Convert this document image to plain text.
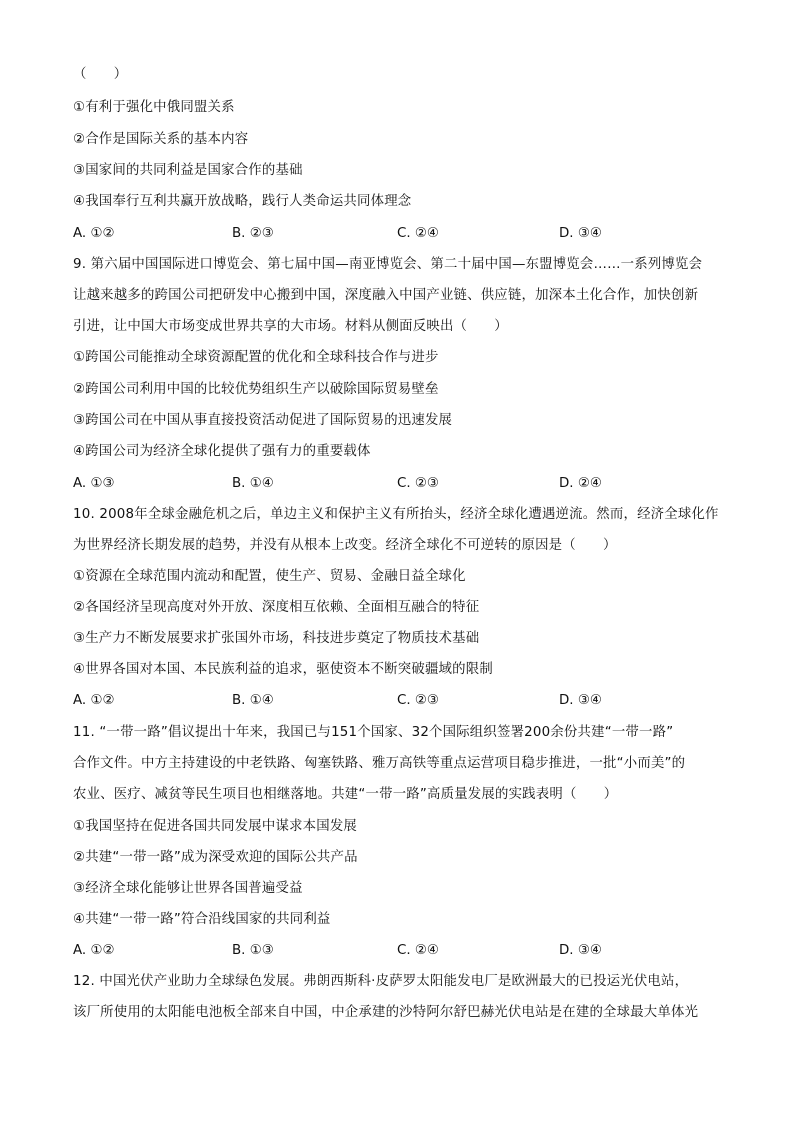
（　　）
①有利于强化中俄同盟关系
②合作是国际关系的基本内容
③国家间的共同利益是国家合作的基础
④我国奉行互利共赢开放战略，践行人类命运共同体理念
A. ①②	B. ②③	C. ②④	D. ③④
9. 第六届中国国际进口博览会、第七届中国—南亚博览会、第二十届中国—东盟博览会……一系列博览会
让越来越多的跨国公司把研发中心搬到中国，深度融入中国产业链、供应链，加深本土化合作，加快创新
引进，让中国大市场变成世界共享的大市场。材料从侧面反映出（　　）
①跨国公司能推动全球资源配置的优化和全球科技合作与进步
②跨国公司利用中国的比较优势组织生产以破除国际贸易壁垒
③跨国公司在中国从事直接投资活动促进了国际贸易的迅速发展
④跨国公司为经济全球化提供了强有力的重要载体
A. ①③	B. ①④	C. ②③	D. ②④
10. 2008年全球金融危机之后，单边主义和保护主义有所抬头，经济全球化遭遇逆流。然而，经济全球化作
为世界经济长期发展的趋势，并没有从根本上改变。经济全球化不可逆转的原因是（　　）
①资源在全球范围内流动和配置，使生产、贸易、金融日益全球化
②各国经济呈现高度对外开放、深度相互依赖、全面相互融合的特征
③生产力不断发展要求扩张国外市场，科技进步奠定了物质技术基础
④世界各国对本国、本民族利益的追求，驱使资本不断突破疆域的限制
A. ①②	B. ①④	C. ②③	D. ③④
11. “一带一路”倡议提出十年来，我国已与151个国家、32个国际组织签署200余份共建“一带一路”
合作文件。中方主持建设的中老铁路、匈塞铁路、雅万高铁等重点运营项目稳步推进，一批“小而美”的
农业、医疗、减贫等民生项目也相继落地。共建“一带一路”高质量发展的实践表明（　　）
①我国坚持在促进各国共同发展中谋求本国发展
②共建“一带一路”成为深受欢迎的国际公共产品
③经济全球化能够让世界各国普遍受益
④共建“一带一路”符合沿线国家的共同利益
A. ①②	B. ①③	C. ②④	D. ③④
12. 中国光伏产业助力全球绿色发展。弗朗西斯科·皮萨罗太阳能发电厂是欧洲最大的已投运光伏电站，
该厂所使用的太阳能电池板全部来自中国，中企承建的沙特阿尔舒巴赫光伏电站是在建的全球最大单体光
